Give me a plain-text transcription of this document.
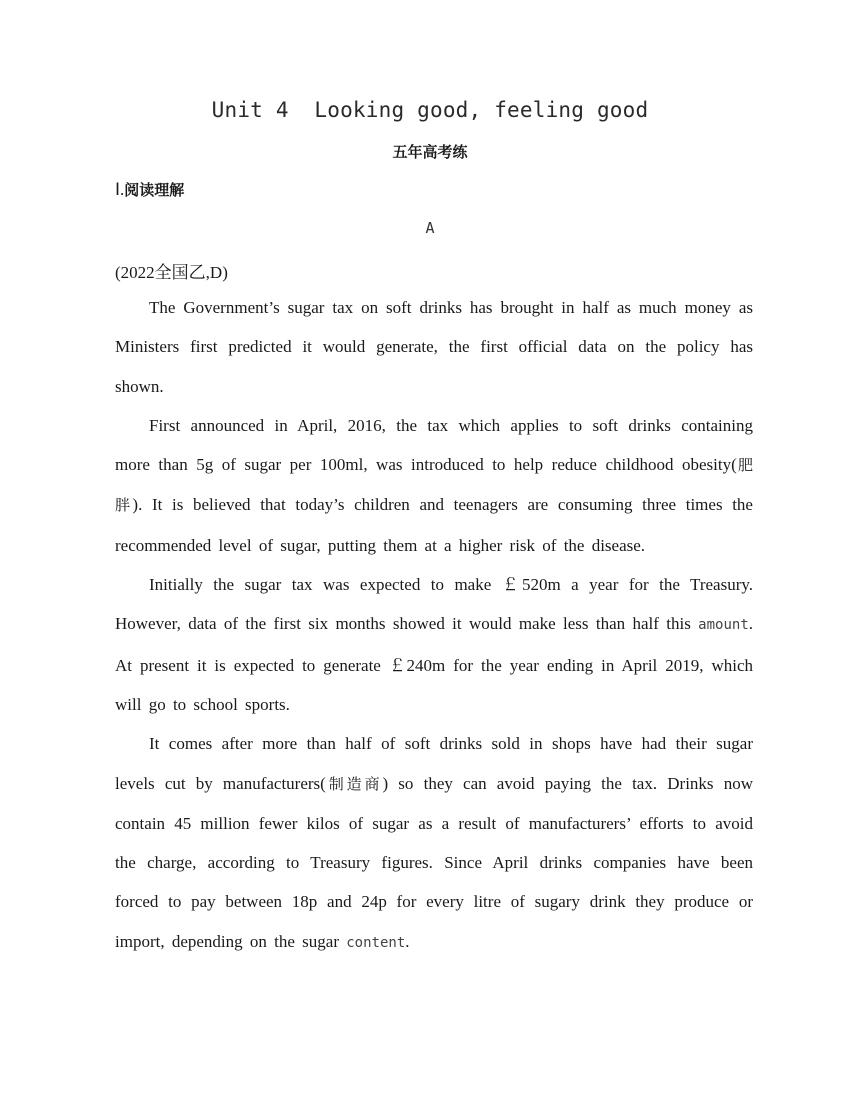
Unit 4  Looking good, feeling good
五年高考练
Ⅰ.阅读理解
A
(2022全国乙,D)

The Government’s sugar tax on soft drinks has brought in half as much money as Ministers first predicted it would generate, the first official data on the policy has shown.

First announced in April, 2016, the tax which applies to soft drinks containing more than 5g of sugar per 100ml, was introduced to help reduce childhood obesity(肥胖). It is believed that today’s children and teenagers are consuming three times the recommended level of sugar, putting them at a higher risk of the disease.

Initially the sugar tax was expected to make ￡520m a year for the Treasury. However, data of the first six months showed it would make less than half this amount. At present it is expected to generate ￡240m for the year ending in April 2019, which will go to school sports.

It comes after more than half of soft drinks sold in shops have had their sugar levels cut by manufacturers(制造商) so they can avoid paying the tax. Drinks now contain 45 million fewer kilos of sugar as a result of manufacturers’ efforts to avoid the charge, according to Treasury figures. Since April drinks companies have been forced to pay between 18p and 24p for every litre of sugary drink they produce or import, depending on the sugar content.
